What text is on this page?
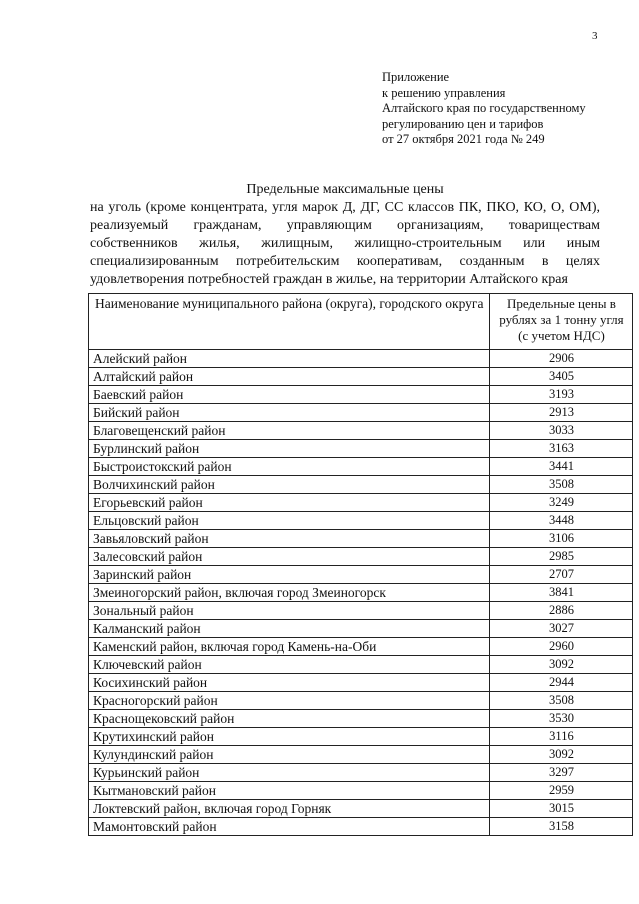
3
Приложение
к решению управления
Алтайского края по государственному
регулированию цен и тарифов
от 27 октября 2021 года № 249
Предельные максимальные цены
на уголь (кроме концентрата, угля марок Д, ДГ, СС классов ПК, ПКО, КО, О, ОМ), реализуемый гражданам, управляющим организациям, товариществам собственников жилья, жилищным, жилищно-строительным или иным специализированным потребительским кооперативам, созданным в целях удовлетворения потребностей граждан в жилье, на территории Алтайского края
Наименование муниципального района (округа), городского округа	Предельные цены в рублях за 1 тонну угля (с учетом НДС)
Алейский район	2906
Алтайский район	3405
Баевский район	3193
Бийский район	2913
Благовещенский район	3033
Бурлинский район	3163
Быстроистокский район	3441
Волчихинский район	3508
Егорьевский район	3249
Ельцовский район	3448
Завьяловский район	3106
Залесовский район	2985
Заринский район	2707
Змеиногорский район, включая город Змеиногорск	3841
Зональный район	2886
Калманский район	3027
Каменский район, включая город Камень-на-Оби	2960
Ключевский район	3092
Косихинский район	2944
Красногорский район	3508
Краснощековский район	3530
Крутихинский район	3116
Кулундинский район	3092
Курьинский район	3297
Кытмановский район	2959
Локтевский район, включая город Горняк	3015
Мамонтовский район	3158
